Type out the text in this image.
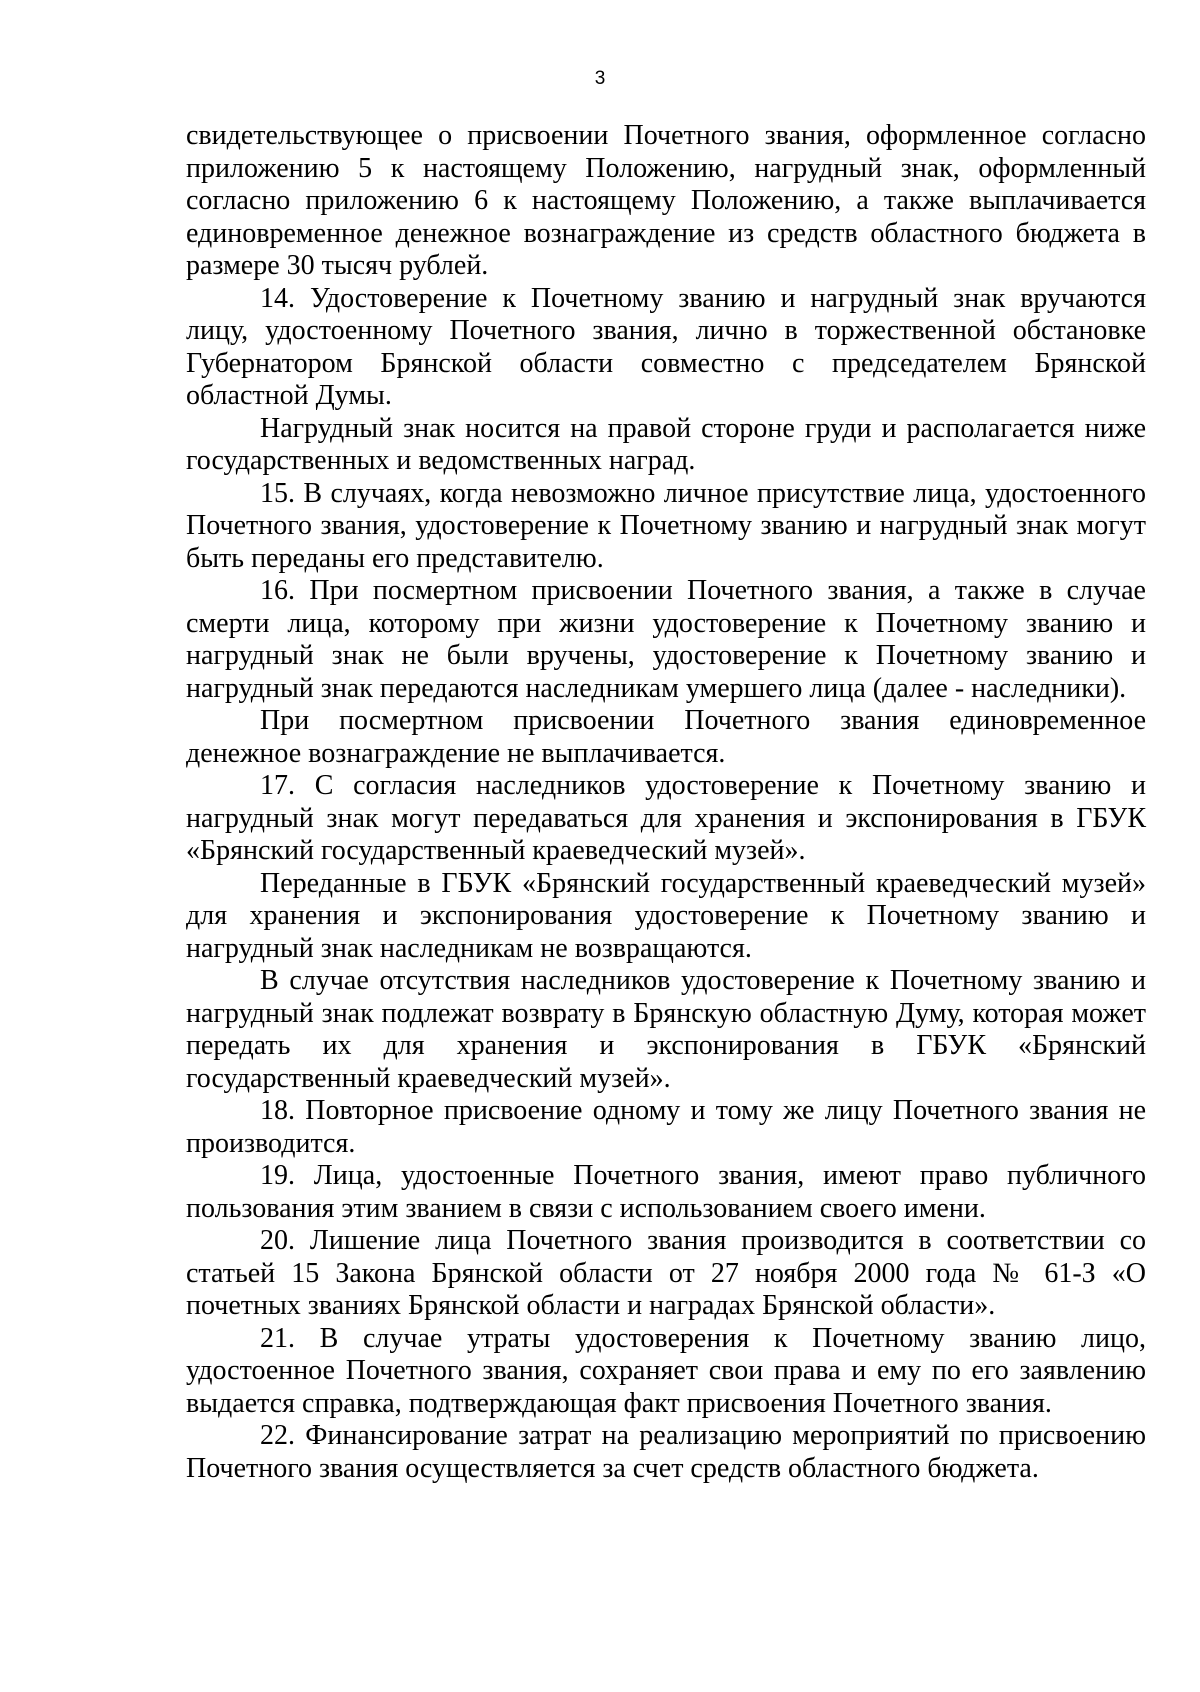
3

свидетельствующее о присвоении Почетного звания, оформленное согласно приложению 5 к настоящему Положению, нагрудный знак, оформленный согласно приложению 6 к настоящему Положению, а также выплачивается единовременное денежное вознаграждение из средств областного бюджета в размере 30 тысяч рублей.

14. Удостоверение к Почетному званию и нагрудный знак вручаются лицу, удостоенному Почетного звания, лично в торжественной обстановке Губернатором Брянской области совместно с председателем Брянской областной Думы.

Нагрудный знак носится на правой стороне груди и располагается ниже государственных и ведомственных наград.

15. В случаях, когда невозможно личное присутствие лица, удостоенного Почетного звания, удостоверение к Почетному званию и нагрудный знак могут быть переданы его представителю.

16. При посмертном присвоении Почетного звания, а также в случае смерти лица, которому при жизни удостоверение к Почетному званию и нагрудный знак не были вручены, удостоверение к Почетному званию и нагрудный знак передаются наследникам умершего лица (далее - наследники).

При посмертном присвоении Почетного звания единовременное денежное вознаграждение не выплачивается.

17. С согласия наследников удостоверение к Почетному званию и нагрудный знак могут передаваться для хранения и экспонирования в ГБУК «Брянский государственный краеведческий музей».

Переданные в ГБУК «Брянский государственный краеведческий музей» для хранения и экспонирования удостоверение к Почетному званию и нагрудный знак наследникам не возвращаются.

В случае отсутствия наследников удостоверение к Почетному званию и нагрудный знак подлежат возврату в Брянскую областную Думу, которая может передать их для хранения и экспонирования в ГБУК «Брянский государственный краеведческий музей».

18. Повторное присвоение одному и тому же лицу Почетного звания не производится.

19. Лица, удостоенные Почетного звания, имеют право публичного пользования этим званием в связи с использованием своего имени.

20. Лишение лица Почетного звания производится в соответствии со статьей 15 Закона Брянской области от 27 ноября 2000 года № 61-З «О почетных званиях Брянской области и наградах Брянской области».

21. В случае утраты удостоверения к Почетному званию лицо, удостоенное Почетного звания, сохраняет свои права и ему по его заявлению выдается справка, подтверждающая факт присвоения Почетного звания.

22. Финансирование затрат на реализацию мероприятий по присвоению Почетного звания осуществляется за счет средств областного бюджета.
